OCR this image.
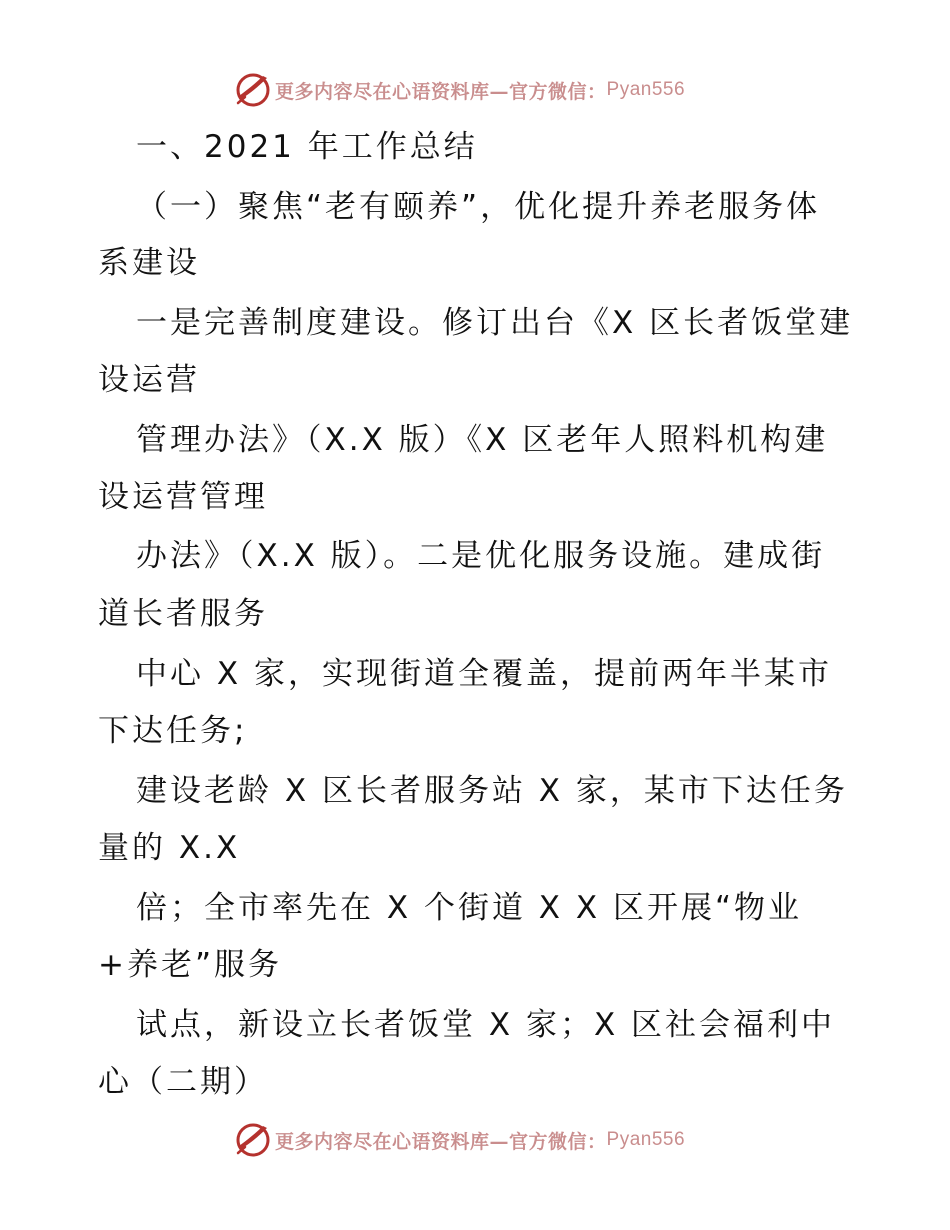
更多内容尽在心语资料库—官方微信： Pyan556
一、2021 年工作总结
（一）聚焦“老有颐养”，优化提升养老服务体
系建设
一是完善制度建设。修订出台《X 区长者饭堂建
设运营
管理办法》（X.X 版）《X 区老年人照料机构建
设运营管理
办法》（X.X 版）。二是优化服务设施。建成街
道长者服务
中心 X 家，实现街道全覆盖，提前两年半某市
下达任务;
建设老龄 X 区长者服务站 X 家，某市下达任务
量的 X.X
倍；全市率先在 X 个街道 X X 区开展“物业
+养老”服务
试点，新设立长者饭堂 X 家；X 区社会福利中
心（二期）
更多内容尽在心语资料库—官方微信： Pyan556
